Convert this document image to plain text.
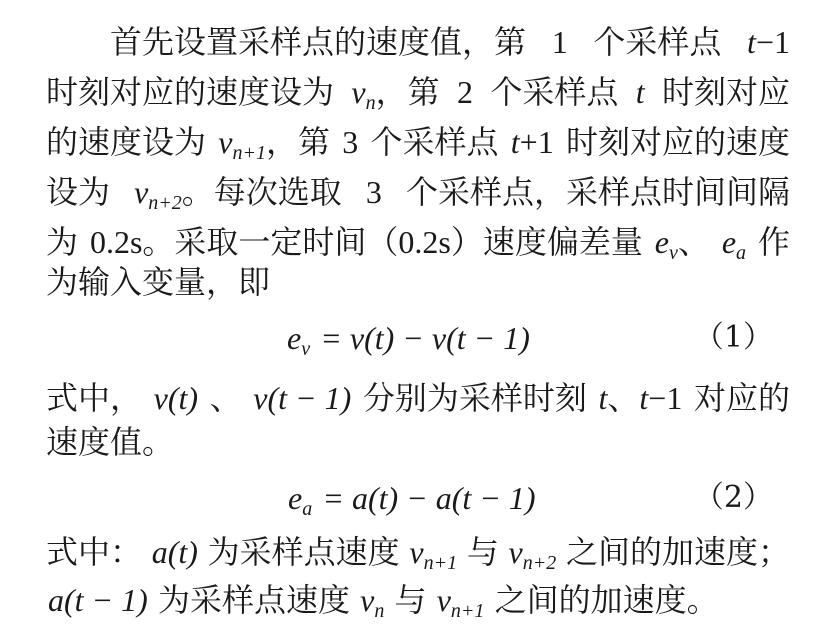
首先设置采样点的速度值，第 1 个采样点 t−1
时刻对应的速度设为 $v_n$，第 2 个采样点 t 时刻对应
的速度设为 $v_{n+1}$，第 3 个采样点 t+1 时刻对应的速度
设为 $v_{n+2}$。每次选取 3 个采样点，采样点时间间隔
为 0.2s。采取一定时间（0.2s）速度偏差量 $e_v$、 $e_a$ 作
为输入变量，即
$e_v = v(t) - v(t - 1)$	（1）
式中， v(t) 、 v(t − 1) 分别为采样时刻 t、t−1 对应的
速度值。
$e_a = a(t) - a(t - 1)$	（2）
式中： a(t) 为采样点速度 $v_{n+1}$ 与 $v_{n+2}$ 之间的加速度；
a(t − 1) 为采样点速度 $v_n$ 与 $v_{n+1}$ 之间的加速度。
